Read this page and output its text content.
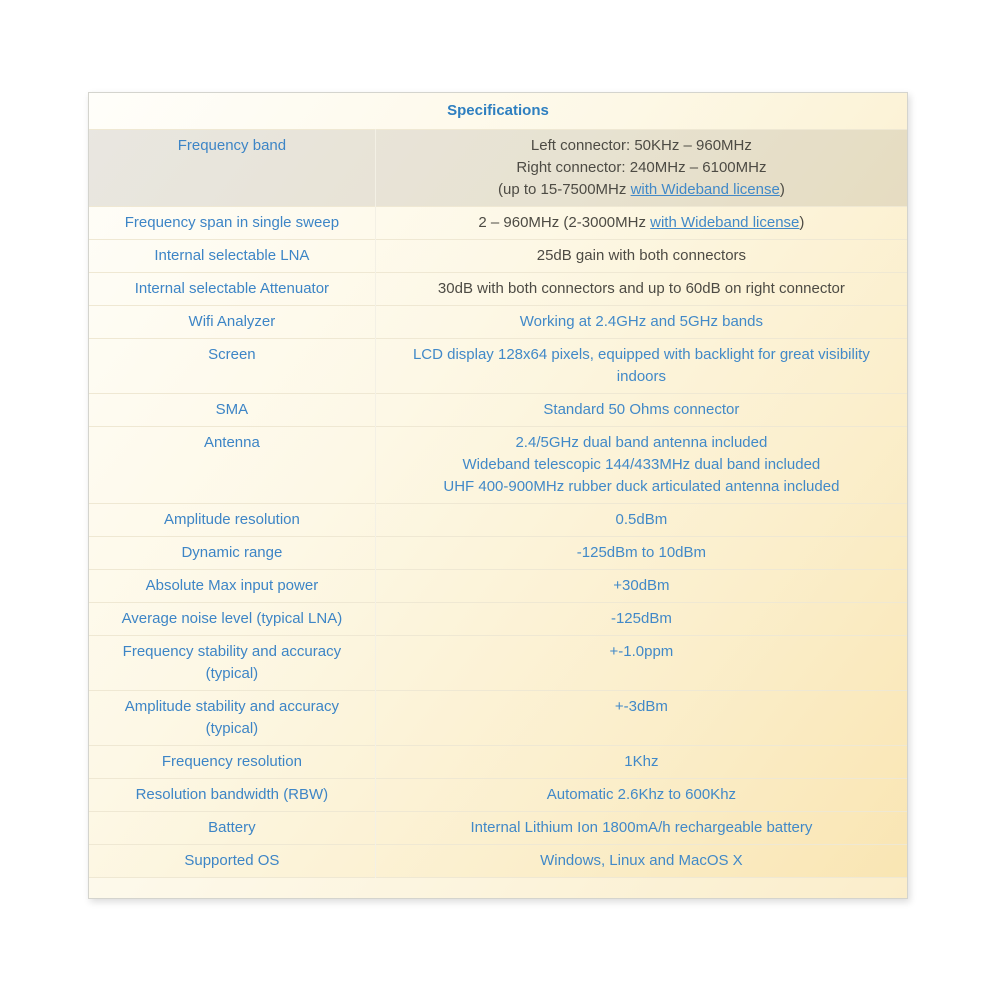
Specifications	
Frequency band	Left connector: 50KHz – 960MHz
Right connector: 240MHz – 6100MHz
(up to 15-7500MHz with Wideband license)

Frequency span in single sweep	2 – 960MHz (2-3000MHz with Wideband license)

Internal selectable LNA	25dB gain with both connectors

Internal selectable Attenuator	30dB with both connectors and up to 60dB on right connector

Wifi Analyzer	Working at 2.4GHz and 5GHz bands

Screen	LCD display 128x64 pixels, equipped with backlight for great visibility indoors

SMA	Standard 50 Ohms connector

Antenna	2.4/5GHz dual band antenna included
Wideband telescopic 144/433MHz dual band included
UHF 400-900MHz rubber duck articulated antenna included

Amplitude resolution	0.5dBm

Dynamic range	-125dBm to 10dBm

Absolute Max input power	+30dBm

Average noise level (typical LNA)	-125dBm

Frequency stability and accuracy (typical)	+-1.0ppm

Amplitude stability and accuracy (typical)	+-3dBm

Frequency resolution	1Khz

Resolution bandwidth (RBW)	Automatic 2.6Khz to 600Khz

Battery	Internal Lithium Ion 1800mA/h rechargeable battery

Supported OS	Windows, Linux and MacOS X
